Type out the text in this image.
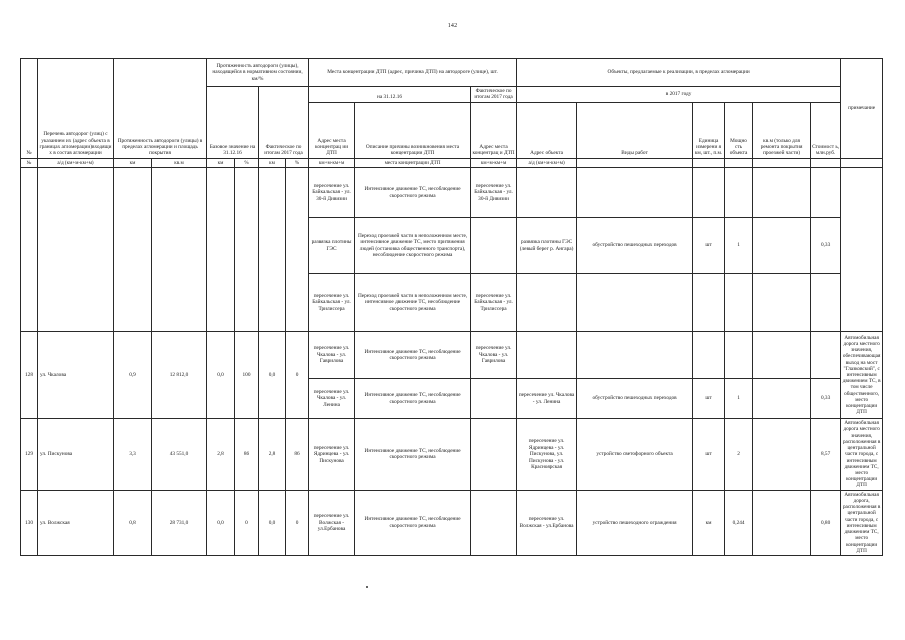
142
№	Перечень автодорог (улиц) с указанием их (адрес объекта в границах агломерации)входящи х в состав агломерации	Протяженность автодороги (улицы) в пределах агломерации и площадь покрытия		Протяженность автодороги (улицы), находящейся в нормативном состоянии, км/%				Места концентрации ДТП (адрес, причина ДТП) на автодороге (улице), шт.			Объекты, предлагаемые к реализации, в пределах агломерации						примечание
				Базовое значение на 31.12.16		Фактическое по итогам 2017 года		на 31.12.16		Фактическое по итогам 2017 года	в 2017 году						
								Адрес места концентрац ии ДТП	Описание причины возникновения места концентрации ДТП	Адрес места концентрац и ДТП	Адрес объекта	Виды работ	Единица измерени я км, шт., п.м.	Мощно сть объекта	кв.м (только для ремонта покрытия проезжей части)	Стоимост ь, млн.руб.	
№	а/д (км+м-км+м)	км	кв.м	км	%	км	%	км+м-км+м	места концентрации ДТП	км+м-км+м	а/д (км+м-км+м)						
								пересечение ул. Байкальская - ул. 30-й Дивизии	Интенсивное движение ТС, несоблюдение скоростного режима	пересечение ул. Байкальская - ул. 30-й Дивизии							
								развязка плотины ГЭС	Переход проезжей части в неположенном месте, интенсивное движение ТС, место притяжения людей (остановка общественного транспорта), несоблюдение скоростного режима		развязка плотины ГЭС (левый берег р. Ангара)	обустройство пешеходных переходов	шт	1		0,33	
								пересечение ул. Байкальская - ул. Трилиссера	Переход проезжей части в неположенном месте, интенсивное движение ТС, несоблюдение скоростного режима	пересечение ул. Байкальская - ул. Трилиссера							
128	ул. Чкалова	0,9	12 812,0	0,0	100	0,0	0	пересечение ул. Чкалова - ул. Гаврилова	Интенсивное движение ТС, несоблюдение скоростного режима	пересечение ул. Чкалова - ул. Гаврилова							Автомобильная дорога местного значения, обеспечивающая выход на мост "Глазковский", с интенсивным движением ТС, в том числе общественного, место концентрации ДТП
								пересечение ул. Чкалова - ул. Ленина	Интенсивное движение ТС, несоблюдение скоростного режима		пересечение ул. Чкалова - ул. Ленина	обустройство пешеходных переходов	шт	1		0,33	
129	ул. Пискунова	3,3	43 551,0	2,8	86	2,8	86	пересечение ул. Ядринцева - ул. Пискунова	Интенсивное движение ТС, несоблюдение скоростного режима		пересечение ул. Ядринцева - ул. Пискунова, ул. Пискунова - ул. Красноярская	устройство светофорного объекта	шт	2		8,57	Автомобильная дорога местного значения, расположенная в центральной части города, с интенсивным движением ТС, место концентрации ДТП
130	ул. Волжская	0,8	28 731,0	0,0	0	0,0	0	пересечение ул. Волжская - ул.Ербанова	Интенсивное движение ТС, несоблюдение скоростного режима		пересечение ул. Волжская - ул.Ербанова	устройство пешеходного ограждения	км	0,244		0,80	Автомобильная дорога, расположенная в центральной части города, с интенсивным движением ТС, место концентрации ДТП
